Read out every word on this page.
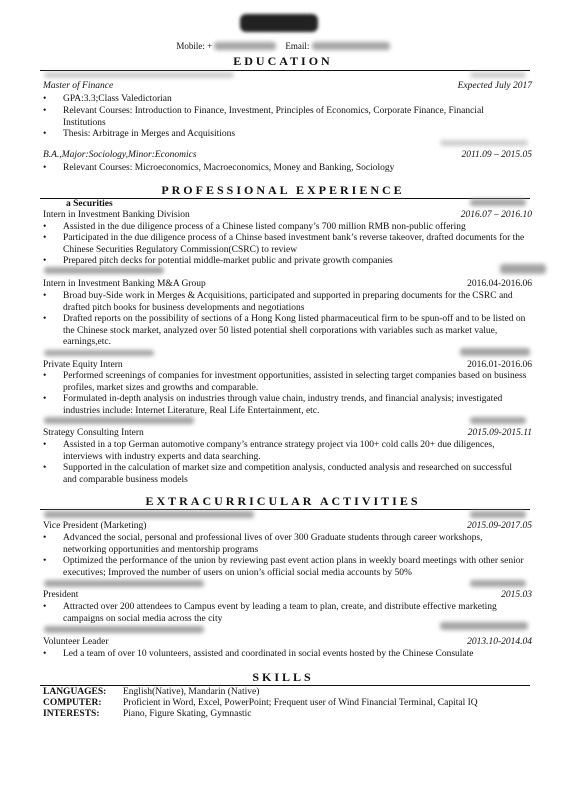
Mobile: +	Email:
EDUCATION
Master of Finance	Expected July 2017
• GPA:3.3;Class Valedictorian
• Relevant Courses: Introduction to Finance, Investment, Principles of Economics, Corporate Finance, Financial Institutions
• Thesis: Arbitrage in Merges and Acquisitions
B.A.,Major:Sociology,Minor:Economics	2011.09 – 2015.05
• Relevant Courses: Microeconomics, Macroeconomics, Money and Banking, Sociology
PROFESSIONAL EXPERIENCE
a Securities
Intern in Investment Banking Division	2016.07 – 2016.10
• Assisted in the due diligence process of a Chinese listed company’s 700 million RMB non-public offering
• Participated in the due diligence process of a Chinse based investment bank’s reverse takeover, drafted documents for the Chinese Securities Regulatory Commission(CSRC) to review
• Prepared pitch decks for potential middle-market public and private growth companies
Intern in Investment Banking M&A Group	2016.04-2016.06
• Broad buy-Side work in Merges & Acquisitions, participated and supported in preparing documents for the CSRC and drafted pitch books for business developments and negotiations
• Drafted reports on the possibility of sections of a Hong Kong listed pharmaceutical firm to be spun-off and to be listed on the Chinese stock market, analyzed over 50 listed potential shell corporations with variables such as market value, earnings,etc.
Private Equity Intern	2016.01-2016.06
• Performed screenings of companies for investment opportunities, assisted in selecting target companies based on business profiles, market sizes and growths and comparable.
• Formulated in-depth analysis on industries through value chain, industry trends, and financial analysis; investigated industries include: Internet Literature, Real Life Entertainment, etc.
Strategy Consulting Intern	2015.09-2015.11
• Assisted in a top German automotive company’s entrance strategy project via 100+ cold calls 20+ due diligences, interviews with industry experts and data searching.
• Supported in the calculation of market size and competition analysis, conducted analysis and researched on successful and comparable business models
EXTRACURRICULAR ACTIVITIES
Vice President (Marketing)	2015.09-2017.05
• Advanced the social, personal and professional lives of over 300 Graduate students through career workshops, networking opportunities and mentorship programs
• Optimized the performance of the union by reviewing past event action plans in weekly board meetings with other senior executives; Improved the number of users on union’s official social media accounts by 50%
President	2015.03
• Attracted over 200 attendees to Campus event by leading a team to plan, create, and distribute effective marketing campaigns on social media across the city
Volunteer Leader	2013.10-2014.04
• Led a team of over 10 volunteers, assisted and coordinated in social events hosted by the Chinese Consulate
SKILLS
LANGUAGES: English(Native), Mandarin (Native)
COMPUTER: Proficient in Word, Excel, PowerPoint; Frequent user of Wind Financial Terminal, Capital IQ
INTERESTS: Piano, Figure Skating, Gymnastic
